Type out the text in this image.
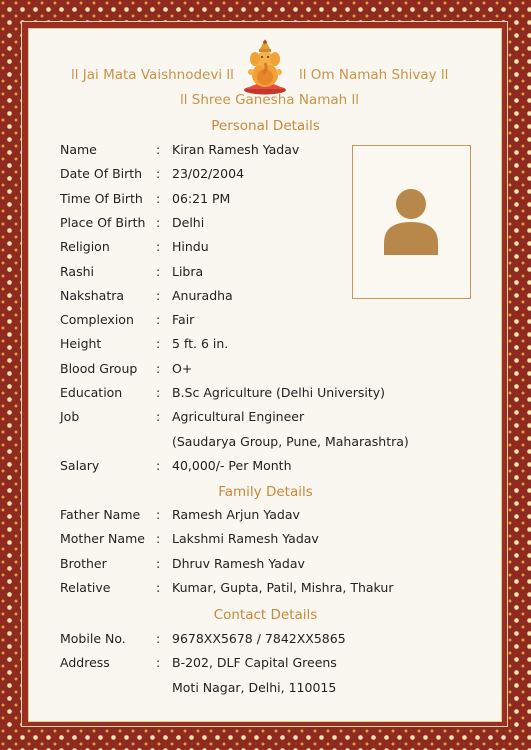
ll Jai Mata Vaishnodevi ll	ll Om Namah Shivay ll
ll Shree Ganesha Namah ll
Personal Details
Name	: Kiran Ramesh Yadav
Date Of Birth	: 23/02/2004
Time Of Birth	: 06:21 PM
Place Of Birth : Delhi
Religion	: Hindu
Rashi	: Libra
Nakshatra	: Anuradha
Complexion	: Fair
Height	: 5 ft. 6 in.
Blood Group	: O+
Education	: B.Sc Agriculture (Delhi University)
Job	: Agricultural Engineer
(Saudarya Group, Pune, Maharashtra)
Salary	: 40,000/- Per Month
Family Details
Father Name	: Ramesh Arjun Yadav
Mother Name : Lakshmi Ramesh Yadav
Brother	: Dhruv Ramesh Yadav
Relative	: Kumar, Gupta, Patil, Mishra, Thakur
Contact Details
Mobile No.	: 9678XX5678 / 7842XX5865
Address	: B-202, DLF Capital Greens
Moti Nagar, Delhi, 110015
